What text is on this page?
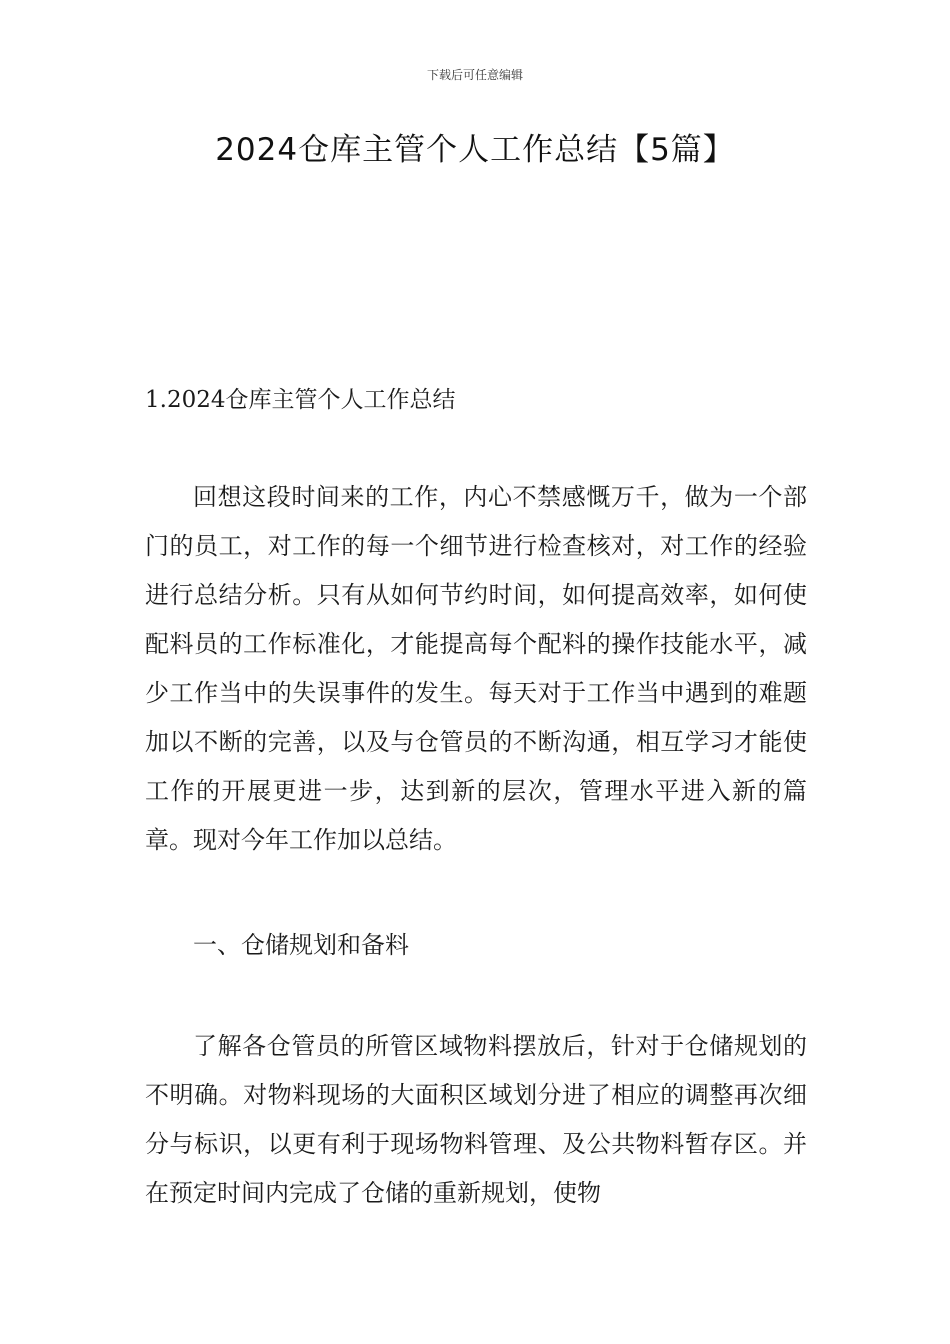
下载后可任意编辑
2024仓库主管个人工作总结【5篇】

1.2024仓库主管个人工作总结

回想这段时间来的工作，内心不禁感慨万千，做为一个部门的员工，对工作的每一个细节进行检查核对，对工作的经验进行总结分析。只有从如何节约时间，如何提高效率，如何使配料员的工作标准化，才能提高每个配料的操作技能水平，减少工作当中的失误事件的发生。每天对于工作当中遇到的难题加以不断的完善，以及与仓管员的不断沟通，相互学习才能使工作的开展更进一步，达到新的层次，管理水平进入新的篇章。现对今年工作加以总结。

一、仓储规划和备料

了解各仓管员的所管区域物料摆放后，针对于仓储规划的不明确。对物料现场的大面积区域划分进了相应的调整再次细分与标识，以更有利于现场物料管理、及公共物料暂存区。并在预定时间内完成了仓储的重新规划，使物
